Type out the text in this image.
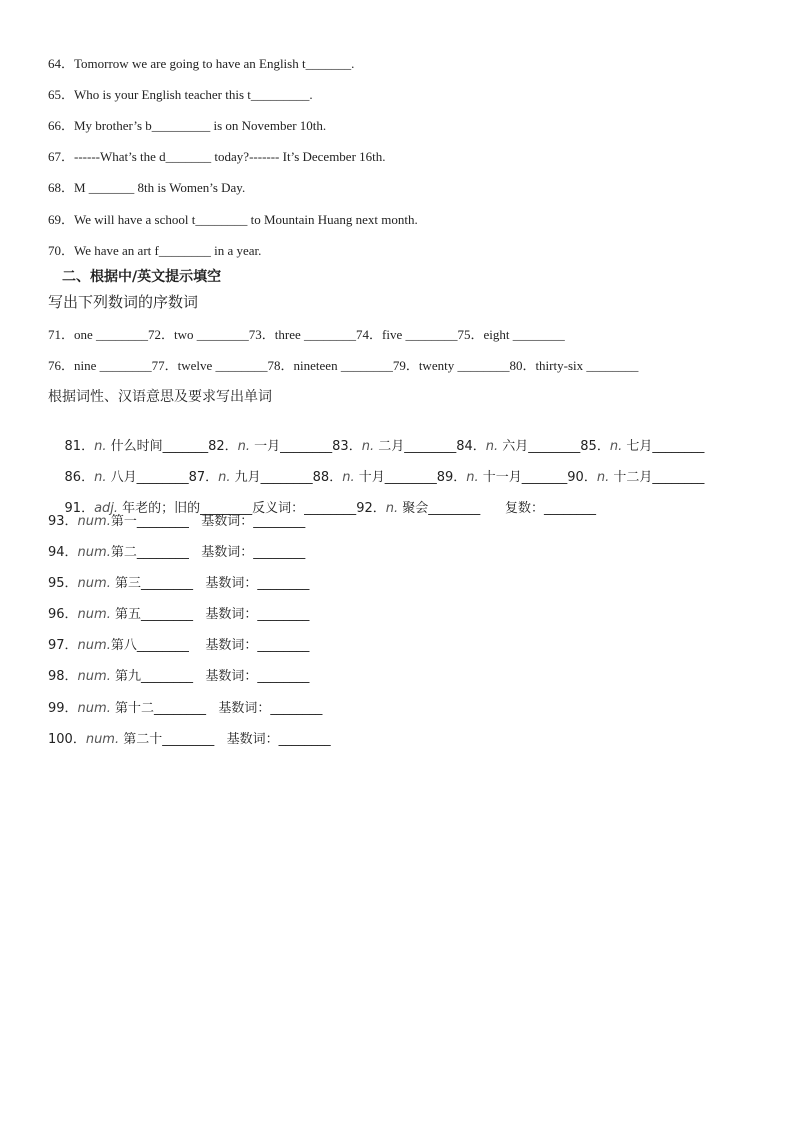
64．Tomorrow we are going to have an English t_______.
65．Who is your English teacher this t_________.
66．My brother’s b_________ is on November 10th.
67．------What’s the d_______ today?------- It’s December 16th.
68．M _______ 8th is Women’s Day.
69．We will have a school t________ to Mountain Huang next month.
70．We have an art f________ in a year.
二、根据中/英文提示填空
写出下列数词的序数词
71．one ________72．two ________73．three ________74．five ________75．eight ________
76．nine ________77．twelve ________78．nineteen ________79．twenty ________80．thirty-six ________
根据词性、汉语意思及要求写出单词

81．n. 什么时间_______82．n. 一月________83．n. 二月________84．n. 六月________85．n. 七月________

86．n. 八月________87．n. 九月________88．n. 十月________89．n. 十一月_______90．n. 十二月________

91．adj. 年老的；旧的________反义词：________92．n. 聚会________      复数：________

93．num.第一________   基数词：________
94．num.第二________   基数词：________
95．num. 第三________   基数词：________
96．num. 第五________   基数词：________
97．num.第八________    基数词：________
98．num. 第九________   基数词：________
99．num. 第十二________   基数词：________
100．num. 第二十________   基数词：________
